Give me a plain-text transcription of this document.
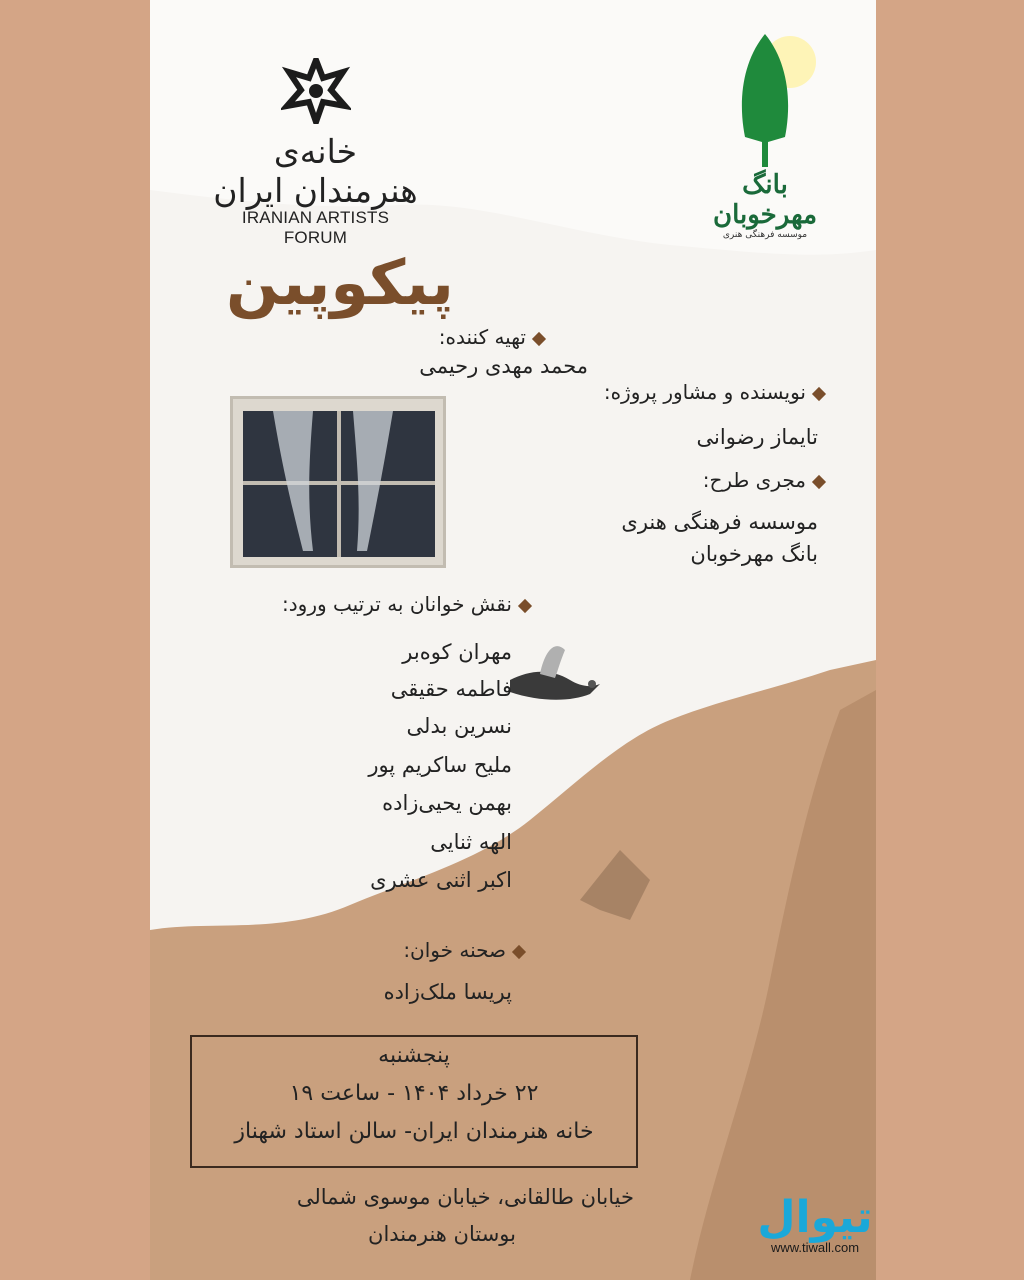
خانه‌ی هنرمندان ایران
IRANIAN ARTISTS FORUM
بانگ مهرخوبان
موسسه فرهنگی هنری
پیکوپین
تهیه کننده:
محمد مهدی رحیمی
نویسنده و مشاور پروژه:
تایماز رضوانی
مجری طرح:
موسسه فرهنگی هنری
بانگ مهرخوبان
نقش خوانان به ترتیب ورود:
مهران کوه‌بر
فاطمه حقیقی
نسرین بدلی
ملیح ساکریم پور
بهمن یحیی‌زاده
الهه ثنایی
اکبر اثنی عشری
صحنه خوان:
پریسا ملک‌زاده
پنجشنبه
۲۲ خرداد ۱۴۰۴ - ساعت ۱۹
خانه هنرمندان ایران- سالن استاد شهناز
خیابان طالقانی، خیابان موسوی شمالی
بوستان هنرمندان	تیوال
www.tiwall.com
